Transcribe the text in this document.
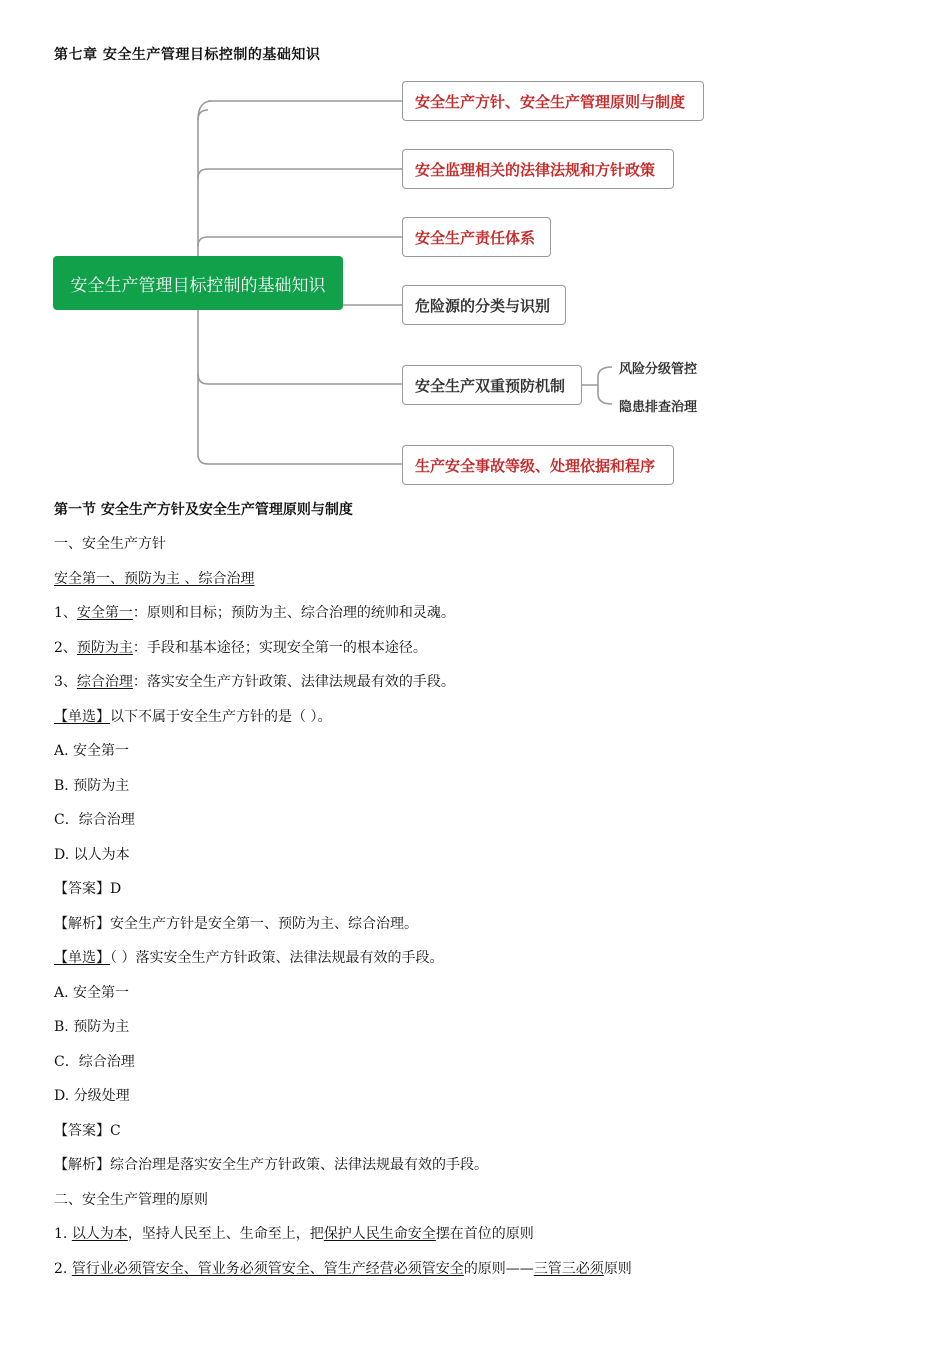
第七章 安全生产管理目标控制的基础知识
安全生产管理目标控制的基础知识
安全生产方针、安全生产管理原则与制度
安全监理相关的法律法规和方针政策
安全生产责任体系
危险源的分类与识别
安全生产双重预防机制
生产安全事故等级、处理依据和程序
风险分级管控
隐患排查治理
第一节 安全生产方针及安全生产管理原则与制度
一、安全生产方针
安全第一、预防为主 、综合治理
1、安全第一：原则和目标；预防为主、综合治理的统帅和灵魂。
2、预防为主：手段和基本途径；实现安全第一的根本途径。
3、综合治理：落实安全生产方针政策、法律法规最有效的手段。
【单选】以下不属于安全生产方针的是（ ）。
A. 安全第一
B. 预防为主
C．综合治理
D. 以人为本
【答案】D
【解析】安全生产方针是安全第一、预防为主、综合治理。
【单选】（ ）落实安全生产方针政策、法律法规最有效的手段。
A. 安全第一
B. 预防为主
C．综合治理
D. 分级处理
【答案】C
【解析】综合治理是落实安全生产方针政策、法律法规最有效的手段。
二、安全生产管理的原则
1. 以人为本，坚持人民至上、生命至上，把保护人民生命安全摆在首位的原则
2. 管行业必须管安全、管业务必须管安全、管生产经营必须管安全的原则——三管三必须原则
